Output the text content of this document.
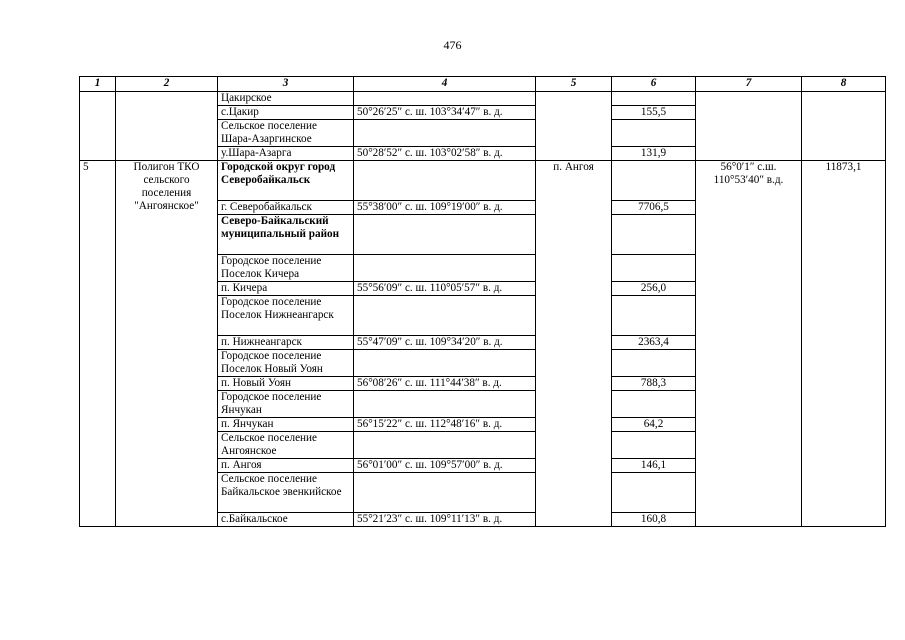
476
1	2	3	4	5	6	7	8
		Цакирское					
		с.Цакир	50°26′25″ с. ш. 103°34′47″ в. д.		155,5		
		Сельское поселение Шара-Азаргинское					
		у.Шара-Азарга	50°28′52″ с. ш. 103°02′58″ в. д.		131,9		
5	Полигон ТКО сельского поселения "Ангоянское"	Городской округ город Северобайкальск		п. Ангоя		56°0′1″ с.ш. 110°53′40″ в.д.	11873,1
		г. Северобайкальск	55°38′00″ с. ш. 109°19′00″ в. д.		7706,5		
		Северо-Байкальский муниципальный район					
		Городское поселение Поселок Кичера					
		п. Кичера	55°56′09″ с. ш. 110°05′57″ в. д.		256,0		
		Городское поселение Поселок Нижнеангарск					
		п. Нижнеангарск	55°47′09″ с. ш. 109°34′20″ в. д.		2363,4		
		Городское поселение Поселок Новый Уоян					
		п. Новый Уоян	56°08′26″ с. ш. 111°44′38″ в. д.		788,3		
		Городское поселение Янчукан					
		п. Янчукан	56°15′22″ с. ш. 112°48′16″ в. д.		64,2		
		Сельское поселение Ангоянское					
		п. Ангоя	56°01′00″ с. ш. 109°57′00″ в. д.		146,1		
		Сельское поселение Байкальское эвенкийское					
		с.Байкальское	55°21′23″ с. ш. 109°11′13″ в. д.		160,8		
